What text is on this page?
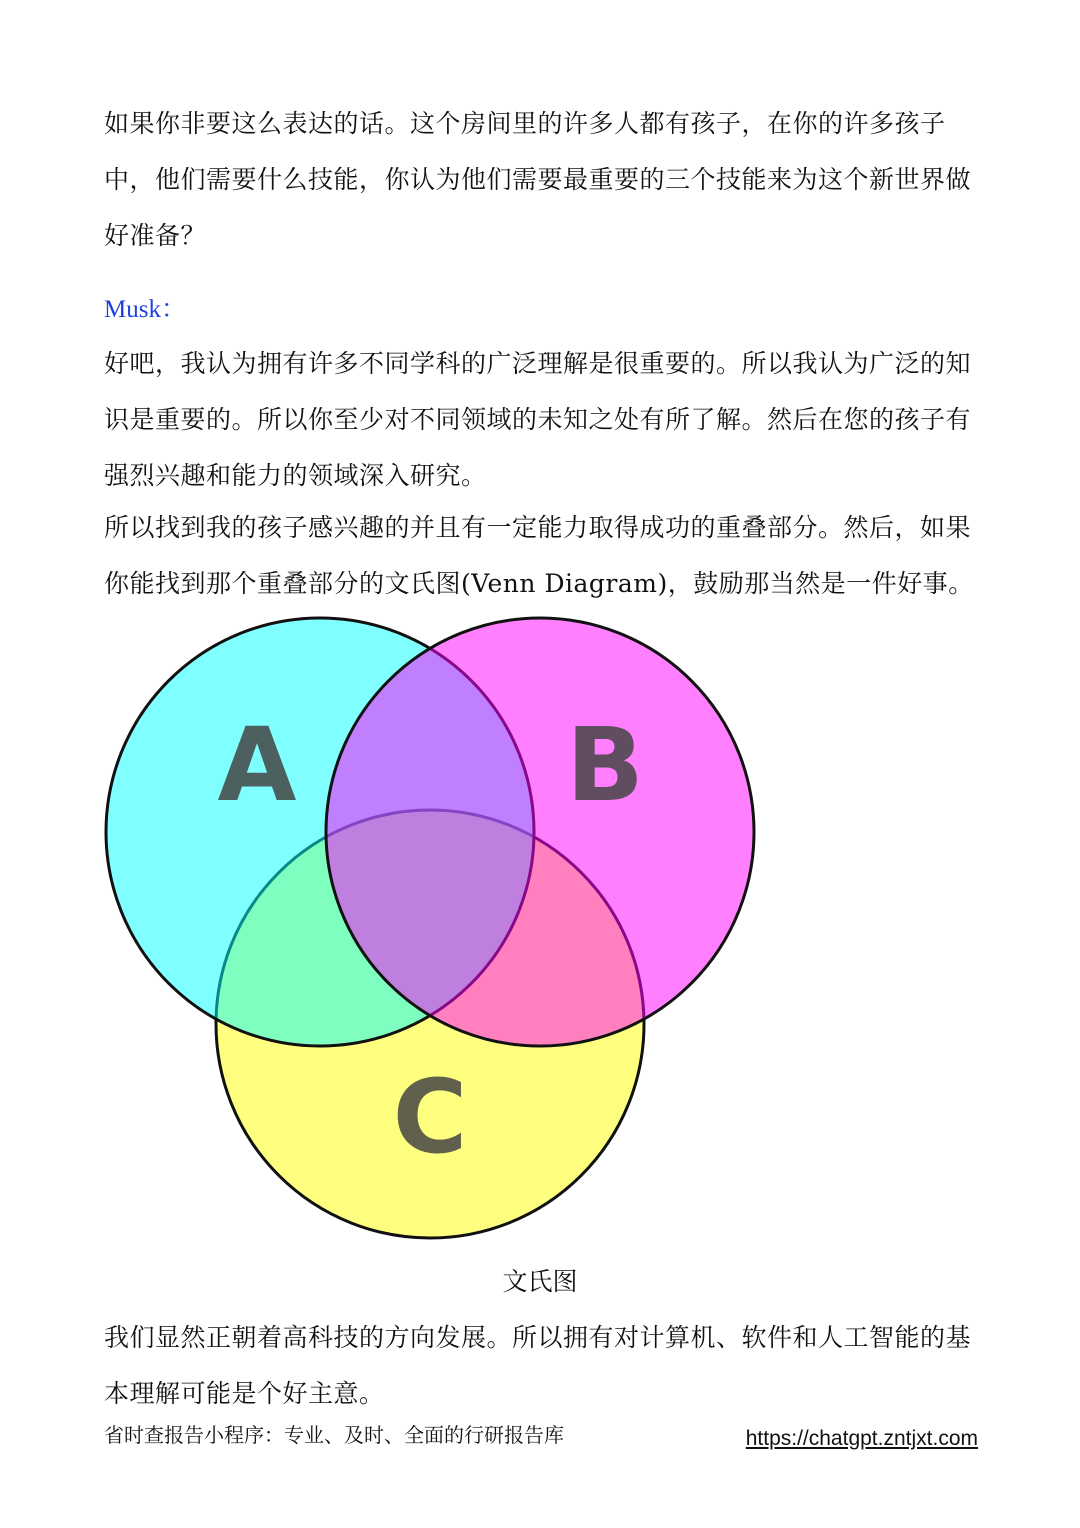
如果你非要这么表达的话。这个房间里的许多人都有孩子，在你的许多孩子中，他们需要什么技能，你认为他们需要最重要的三个技能来为这个新世界做好准备？

Musk：

好吧，我认为拥有许多不同学科的广泛理解是很重要的。所以我认为广泛的知识是重要的。所以你至少对不同领域的未知之处有所了解。然后在您的孩子有强烈兴趣和能力的领域深入研究。

所以找到我的孩子感兴趣的并且有一定能力取得成功的重叠部分。然后，如果你能找到那个重叠部分的文氏图(Venn Diagram)，鼓励那当然是一件好事。

A	B
C
文氏图

我们显然正朝着高科技的方向发展。所以拥有对计算机、软件和人工智能的基本理解可能是个好主意。

省时查报告小程序：专业、及时、全面的行研报告库	https://chatgpt.zntjxt.com
